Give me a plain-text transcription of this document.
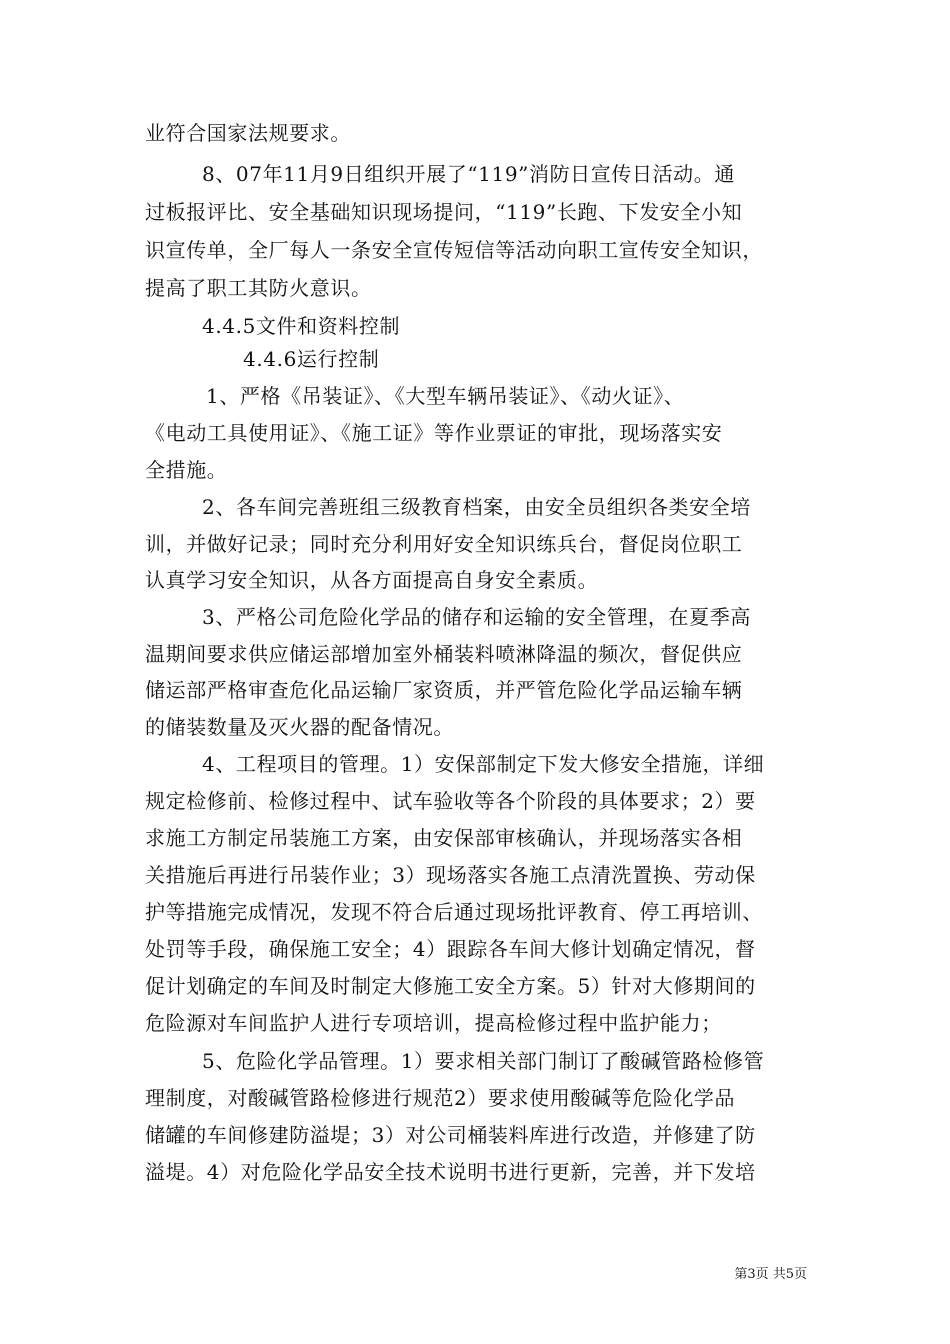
业符合国家法规要求。
8、07年11月9日组织开展了“119”消防日宣传日活动。通
过板报评比、安全基础知识现场提问，“119”长跑、下发安全小知
识宣传单，全厂每人一条安全宣传短信等活动向职工宣传安全知识，
提高了职工其防火意识。
4.4.5文件和资料控制
4.4.6运行控制
1、严格《吊装证》、《大型车辆吊装证》、《动火证》、
《电动工具使用证》、《施工证》等作业票证的审批，现场落实安
全措施。
2、各车间完善班组三级教育档案，由安全员组织各类安全培
训，并做好记录；同时充分利用好安全知识练兵台，督促岗位职工
认真学习安全知识，从各方面提高自身安全素质。
3、严格公司危险化学品的储存和运输的安全管理，在夏季高
温期间要求供应储运部增加室外桶装料喷淋降温的频次，督促供应
储运部严格审查危化品运输厂家资质，并严管危险化学品运输车辆
的储装数量及灭火器的配备情况。
4、工程项目的管理。1）安保部制定下发大修安全措施，详细
规定检修前、检修过程中、试车验收等各个阶段的具体要求；2）要
求施工方制定吊装施工方案，由安保部审核确认，并现场落实各相
关措施后再进行吊装作业；3）现场落实各施工点清洗置换、劳动保
护等措施完成情况，发现不符合后通过现场批评教育、停工再培训、
处罚等手段，确保施工安全；4）跟踪各车间大修计划确定情况，督
促计划确定的车间及时制定大修施工安全方案。5）针对大修期间的
危险源对车间监护人进行专项培训，提高检修过程中监护能力；
5、危险化学品管理。1）要求相关部门制订了酸碱管路检修管
理制度，对酸碱管路检修进行规范2）要求使用酸碱等危险化学品
储罐的车间修建防溢堤；3）对公司桶装料库进行改造，并修建了防
溢堤。4）对危险化学品安全技术说明书进行更新，完善，并下发培
第3页 共5页
